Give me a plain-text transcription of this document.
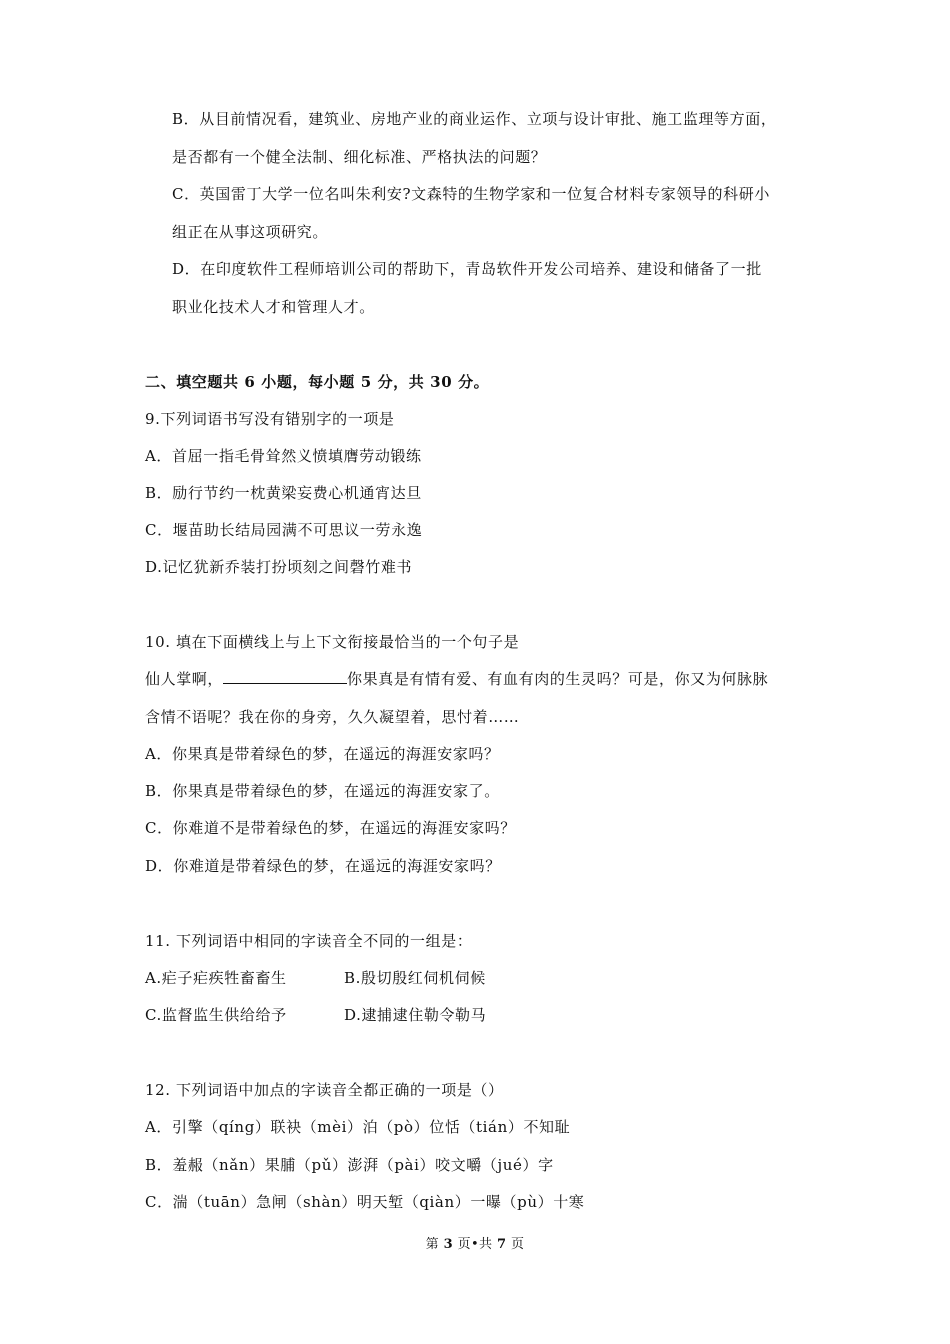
B．从目前情况看，建筑业、房地产业的商业运作、立项与设计审批、施工监理等方面，
是否都有一个健全法制、细化标准、严格执法的问题？
C．英国雷丁大学一位名叫朱利安?文森特的生物学家和一位复合材料专家领导的科研小
组正在从事这项研究。
D．在印度软件工程师培训公司的帮助下，青岛软件开发公司培养、建设和储备了一批
职业化技术人才和管理人才。
二、填空题共 6 小题，每小题 5 分，共 30 分。
9.下列词语书写没有错别字的一项是
A．首屈一指毛骨耸然义愤填膺劳动锻练
B．励行节约一枕黄梁妄费心机通宵达旦
C．堰苗助长结局园满不可思议一劳永逸
D.记忆犹新乔装打扮顷刻之间磬竹难书
10. 填在下面横线上与上下文衔接最恰当的一个句子是
仙人掌啊，	你果真是有情有爱、有血有肉的生灵吗？可是，你又为何脉脉
含情不语呢？我在你的身旁，久久凝望着，思忖着……
A．你果真是带着绿色的梦，在遥远的海涯安家吗？
B．你果真是带着绿色的梦，在遥远的海涯安家了。
C．你难道不是带着绿色的梦，在遥远的海涯安家吗？
D．你难道是带着绿色的梦，在遥远的海涯安家吗？
11. 下列词语中相同的字读音全不同的一组是：
A.疟子疟疾牲畜畜生	B.殷切殷红伺机伺候
C.监督监生供给给予	D.逮捕逮住勒令勒马
12. 下列词语中加点的字读音全都正确的一项是（）
A．引擎（qíng）联袂（mèi）泊（pò）位恬（tián）不知耻
B．羞赧（nǎn）果脯（pǔ）澎湃（pài）咬文嚼（jué）字
C．湍（tuān）急闸（shàn）明天堑（qiàn）一曝（pù）十寒
第 3 页•共 7 页
